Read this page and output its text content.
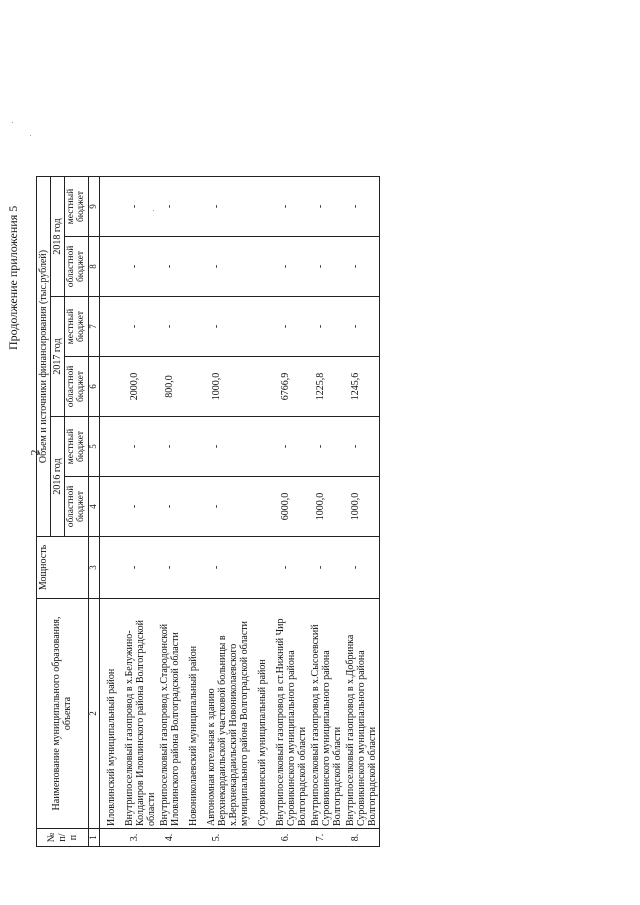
2
Продолжение приложения 5
№ п/п	Наименование муниципального образования, объекта	Мощность	Объем и источники финансирования (тыс.рублей)					
			2016 год		2017 год		2018 год	
			областной бюджет	местный бюджет	областной бюджет	местный бюджет	областной бюджет	местный бюджет
1	2	3	4	5	6	7	8	9
	Иловлинский муниципальный район							
3.	Внутрипоселковый газопровод в х.Белужино-Колдаиров Иловлинского района Волгоградской области	-	-	-	2000,0	-	-	-
4.	Внутрипоселковый газопровод х.Стародонской Иловлинского района Волгоградской области	-	-	-	800,0	-	-	-
	Новониколаевский муниципальный район							
5.	Автономная котельная к зданию Верхнекардаильской участковой больницы в х.Верхнекардаильский Новониколаевского муниципального района Волгоградской области	-	-	-	1000,0	-	-	-
	Суровикинский муниципальный район							
6.	Внутрипоселковый газопровод в ст.Нижний Чир Суровикинского муниципального района Волгоградской области	-	6000,0	-	6766,9	-	-	-
7.	Внутрипоселковый газопровод в х.Сысоевский Суровикинского муниципального района Волгоградской области	-	1000,0	-	1225,8	-	-	-
8.	Внутрипоселковый газопровод в х.Добринка Суровикинского муниципального района Волгоградской области	-	1000,0	-	1245,6	-	-	-
